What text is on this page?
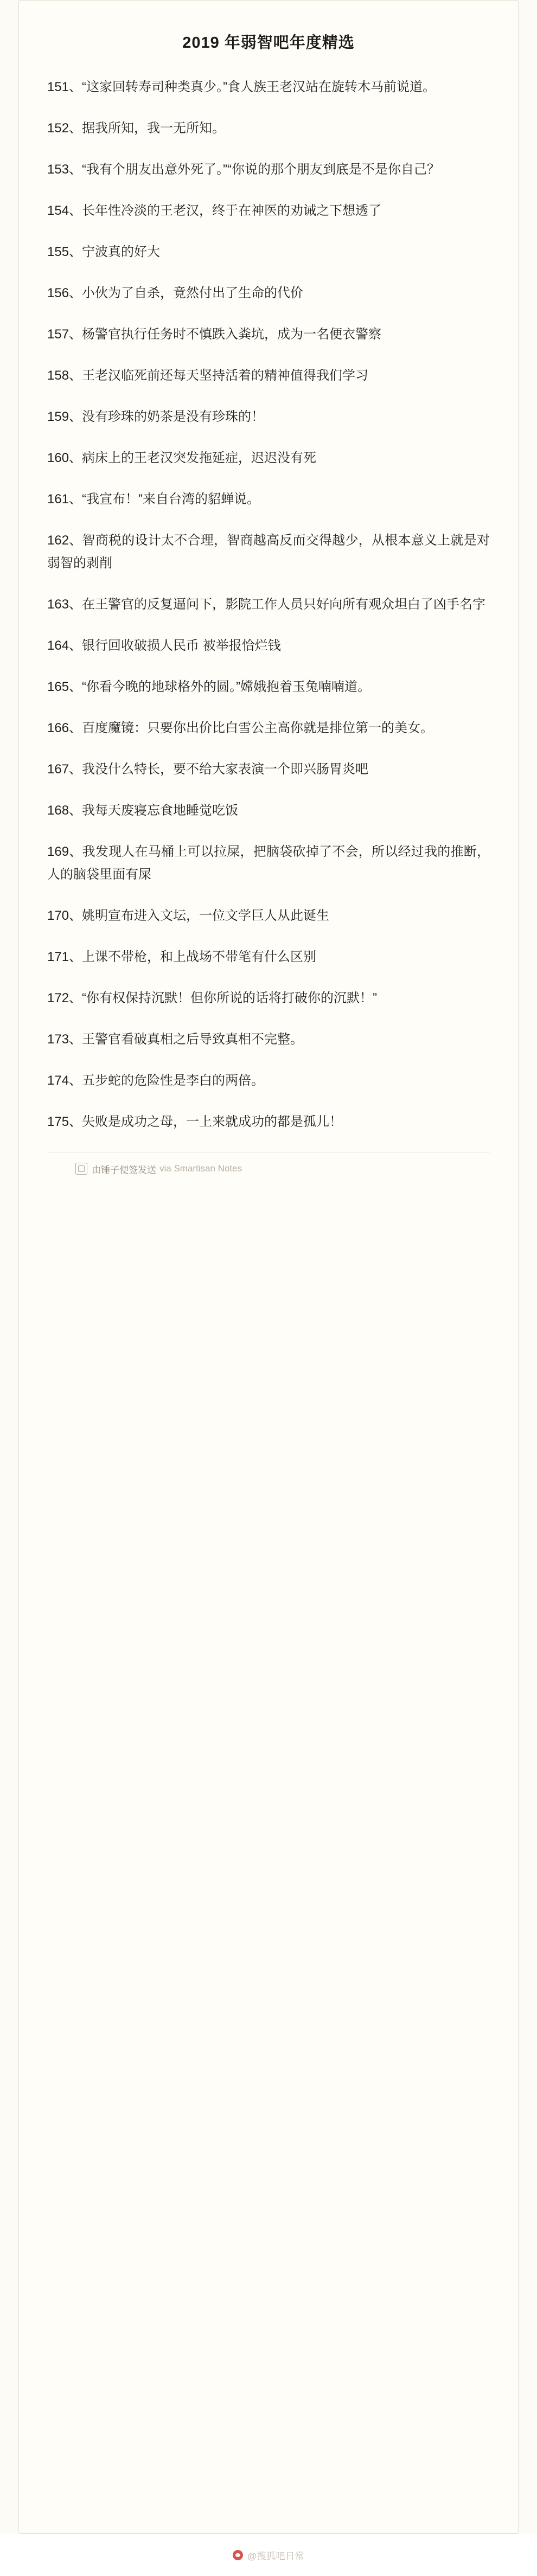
2019 年弱智吧年度精选

151、“这家回转寿司种类真少。”食人族王老汉站在旋转木马前说道。

152、据我所知，我一无所知。

153、“我有个朋友出意外死了。”“你说的那个朋友到底是不是你自己？

154、长年性冷淡的王老汉，终于在神医的劝诫之下想透了

155、宁波真的好大

156、小伙为了自杀，竟然付出了生命的代价

157、杨警官执行任务时不慎跌入粪坑，成为一名便衣警察

158、王老汉临死前还每天坚持活着的精神值得我们学习

159、没有珍珠的奶茶是没有珍珠的！

160、病床上的王老汉突发拖延症，迟迟没有死

161、“我宣布！”来自台湾的貂蝉说。

162、智商税的设计太不合理，智商越高反而交得越少，从根本意义上就是对弱智的剥削

163、在王警官的反复逼问下，影院工作人员只好向所有观众坦白了凶手名字

164、银行回收破损人民币 被举报恰烂钱

165、“你看今晚的地球格外的圆。”嫦娥抱着玉兔喃喃道。

166、百度魔镜：只要你出价比白雪公主高你就是排位第一的美女。

167、我没什么特长，要不给大家表演一个即兴肠胃炎吧

168、我每天废寝忘食地睡觉吃饭

169、我发现人在马桶上可以拉屎，把脑袋砍掉了不会，所以经过我的推断，人的脑袋里面有屎

170、姚明宣布进入文坛，一位文学巨人从此诞生

171、上课不带枪，和上战场不带笔有什么区别

172、“你有权保持沉默！但你所说的话将打破你的沉默！”

173、王警官看破真相之后导致真相不完整。

174、五步蛇的危险性是李白的两倍。

175、失败是成功之母，一上来就成功的都是孤儿！

由锤子便签发送 via Smartisan Notes
@搜狐吧日常
